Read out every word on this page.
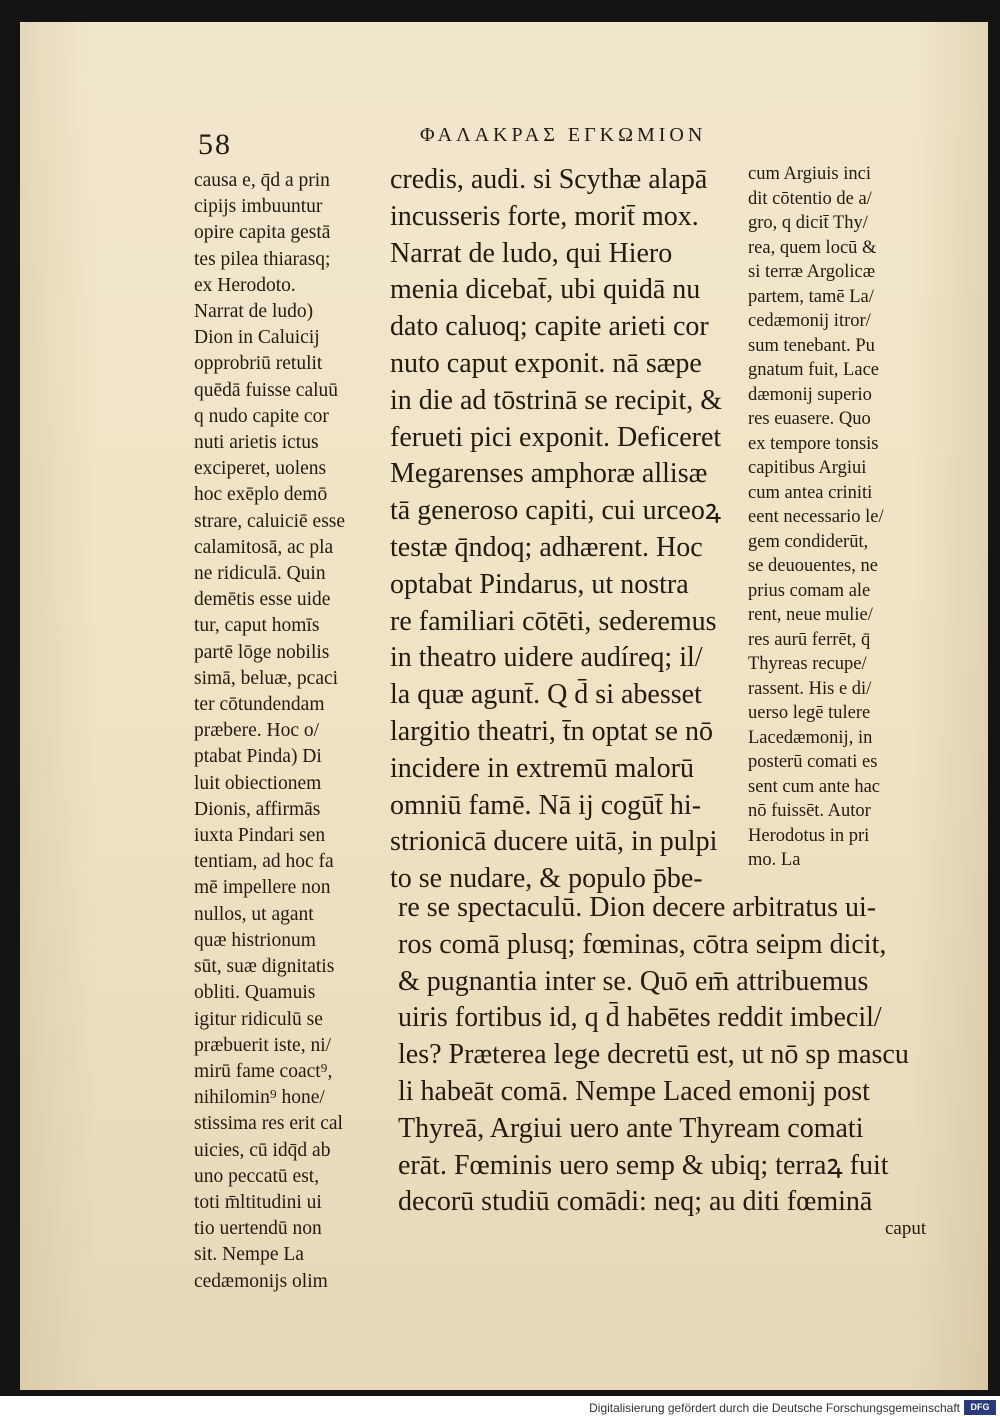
58	ΦΑΛΑΚΡΑΣ ΕΓΚΩΜΙΟΝ
causa e, q̄d a prin
cipijs imbuuntur
opire capita gestā
tes pilea thiarasq;
ex Herodoto.
Narrat de ludo)
Dion in Caluicij
opprobriū retulit
quēdā fuisse caluū
q nudo capite cor
nuti arietis ictus
exciperet, uolens
hoc exēplo demō
strare, caluiciē esse
calamitosā, ac pla
ne ridiculā. Quin
demētis esse uide
tur, caput homīs
partē lōge nobilis
simā, beluæ, pcaci
ter cōtundendam
præbere. Hoc o/
ptabat Pinda) Di
luit obiectionem
Dionis, affirmās
iuxta Pindari sen
tentiam, ad hoc fa
mē impellere non
nullos, ut agant
quæ histrionum
sūt, suæ dignitatis
obliti. Quamuis
igitur ridiculū se
præbuerit iste, ni/
mirū fame coact⁹,
nihilomin⁹ hone/
stissima res erit cal
uicies, cū idq̄d ab
uno peccatū est,
toti m̄ltitudini ui
tio uertendū non
sit. Nempe La
cedæmonijs olim
credis, audi. si Scythæ alapā
incusseris forte, morit̄ mox.
Narrat de ludo, qui Hiero
menia dicebat̄, ubi quidā nu
dato caluoq; capite arieti cor
nuto caput exponit. nā sæpe
in die ad tōstrinā se recipit, &
ferueti pici exponit. Deficeret
Megarenses amphoræ allisæ
tā generoso capiti, cui urceoꝝ
testæ q̄ndoq; adhærent. Hoc
optabat Pindarus, ut nostra
re familiari cōtēti, sederemus
in theatro uidere audíreq; il/
la quæ agunt̄. Q d̄ si abesset
largitio theatri, t̄n optat se nō
incidere in extremū malorū
omniū famē. Nā ij cogūt̄ hi-
strionicā ducere uitā, in pulpi
to se nudare, & populo p̄be-
cum Argiuis inci
dit cōtentio de a/
gro, q dicit̄ Thy/
rea, quem locū &
si terræ Argolicæ
partem, tamē La/
cedæmonij itror/
sum tenebant. Pu
gnatum fuit, Lace
dæmonij superio
res euasere. Quo
ex tempore tonsis
capitibus Argiui
cum antea criniti
eent necessario le/
gem condiderūt,
se deuouentes, ne
prius comam ale
rent, neue mulie/
res aurū ferrēt, q̄
Thyreas recupe/
rassent. His e di/
uerso legē tulere
Lacedæmonij, in
posterū comati es
sent cum ante hac
nō fuissēt. Autor
Herodotus in pri
mo. La
re se spectaculū. Dion decere arbitratus ui-
ros comā plusq; fœminas, cōtra seipm dicit,
& pugnantia inter se. Quō em̄ attribuemus
uiris fortibus id, q d̄ habētes reddit imbecil/
les? Præterea lege decretū est, ut nō sp mascu
li habeāt comā. Nempe Laced emonij post
Thyreā, Argiui uero ante Thyream comati
erāt. Fœminis uero semp & ubiq; terraꝝ fuit
decorū studiū comādi: neq; au diti fœminā
caput
Digitalisierung gefördert durch die Deutsche Forschungsgemeinschaft	DFG
